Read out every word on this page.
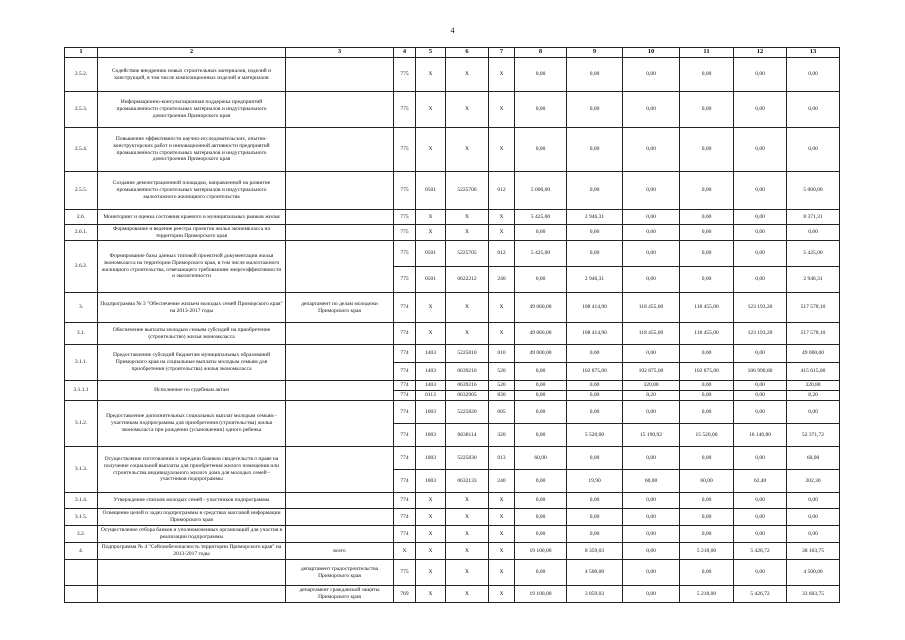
4
1	2	3	4	5	6	7	8	9	10	11	12	13
2.5.2.	Содействие внедрению новых строительных материалов, изделий и конструкций, в том числе композиционных изделий и материалов		775	X	X	X	0,00	0,00	0,00	0,00	0,00	0,00
2.5.3.	Информационно-консультационная поддержка предприятий промышленности строительных материалов и индустриального домостроения Приморского края		775	X	X	X	0,00	0,00	0,00	0,00	0,00	0,00
2.5.4.	Повышение эффективности научно-исследовательских, опытно-конструкторских работ и инновационной активности предприятий промышленности строительных материалов и индустриального домостроения Приморского края		775	X	X	X	0,00	0,00	0,00	0,00	0,00	0,00
2.5.5.	Создание демонстрационной площадки, направленной на развитие промышленности строительных материалов и индустриального малоэтажного жилищного строительства		775	0501	5225706	012	5 000,00	0,00	0,00	0,00	0,00	5 000,00
2.6.	Мониторинг и оценка состояния краевого и муниципальных рынков жилья		775	X	X	X	5 425,00	2 946,31	0,00	0,00	0,00	8 371,31
2.6.1.	Формирование и ведение реестра проектов жилья экономкласса на территории Приморского края		775	X	X	X	0,00	0,00	0,00	0,00	0,00	0,00
2.6.2.	Формирование базы данных типовой проектной документации жилья экономкласса на территории Приморского края, в том числе малоэтажного жилищного строительства, отвечающего требованиям энергоэффективности и экологичности		775	0501	5225705	012	5 425,00	0,00	0,00	0,00	0,00	5 425,00
			775	0501	0622212	240	0,00	2 946,31	0,00	0,00	0,00	2 946,31
3.	Подпрограмма № 3 "Обеспечение жильем молодых семей Приморского края" на 2013-2017 годы	департамент по делам молодежи Приморского края	774	X	X	X	49 060,00	108 414,90	118 455,00	118 455,00	123 193,20	517 578,10
3.1.	Обеспечение выплаты молодым семьям субсидий на приобретение (строительство) жилья экономкласса		774	X	X	X	49 060,00	108 414,90	118 455,00	118 455,00	123 193,20	517 578,10
3.1.1.	Предоставление субсидий бюджетам муниципальных образований Приморского края на социальные выплаты молодым семьям для приобретения (строительства) жилья экономкласса		774	1403	5225810	010	49 000,00	0,00	0,00	0,00	0,00	49 000,00
			774	1403	0639216	520	0,00	102 875,00	102 875,00	102 875,00	106 990,00	415 615,00
3.1.1.1	Исполнение по судебным актам		774	1403	0639216	520	0,00	0,00	320,88	0,00	0,00	320,88
			774	0113	0632905	830	0,00	0,00	8,20	0,00	0,00	8,20
3.1.2.	Предоставление дополнительных социальных выплат молодым семьям - участникам подпрограммы для приобретения (строительства) жилья экономкласса при рождении (усыновлении) одного ребенка		774	1003	5225820	005	0,00	0,00	0,00	0,00	0,00	0,00
			774	1003	0638114	320	0,00	5 520,00	15 190,92	15 520,00	16 140,80	52 371,72
3.1.3.	Осуществление изготовления и передачи бланков свидетельств о праве на получение социальной выплаты для приобретения жилого помещения или строительства индивидуального жилого дома для молодых семей - участников подпрограммы		774	1003	5225830	013	60,00	0,00	0,00	0,00	0,00	60,00
			774	1003	0632133	240	0,00	19,90	60,00	60,00	62,40	202,30
3.1.4.	Утверждение списков молодых семей - участников подпрограммы		774	X	X	X	0,00	0,00	0,00	0,00	0,00	0,00
3.1.5.	Освещение целей и задач подпрограммы в средствах массовой информации Приморского края		774	X	X	X	0,00	0,00	0,00	0,00	0,00	0,00
3.2.	Осуществление отбора банков и уполномоченных организаций для участия в реализации подпрограммы		774	X	X	X	0,00	0,00	0,00	0,00	0,00	0,00
4.	Подпрограмма № 4 "Сейсмобезопасность территории Приморского края" на 2013-2017 годы	всего	X	X	X	X	19 100,00	8 359,03	0,00	5 218,00	5 426,72	38 103,75
		департамент градостроительства Приморского края	775	X	X	X	0,00	4 500,00	0,00	0,00	0,00	4 500,00
		департамент гражданской защиты Приморского края	769	X	X	X	19 100,00	3 859,03	0,00	5 218,00	5 426,72	33 603,75
